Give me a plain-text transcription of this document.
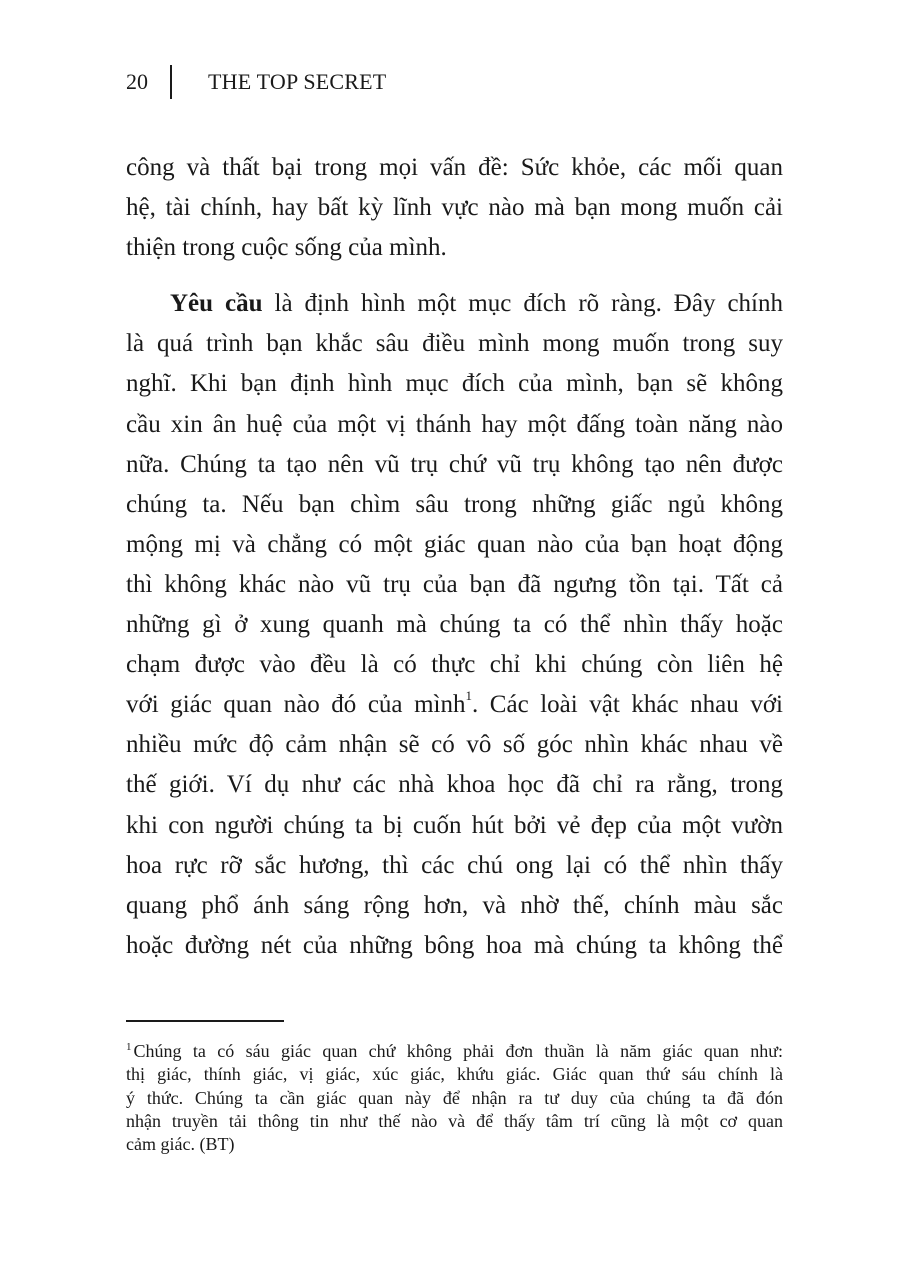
20	THE TOP SECRET
công và thất bại trong mọi vấn đề: Sức khỏe, các mối quan
hệ, tài chính, hay bất kỳ lĩnh vực nào mà bạn mong muốn cải
thiện trong cuộc sống của mình.
Yêu cầu là định hình một mục đích rõ ràng. Đây chính
là quá trình bạn khắc sâu điều mình mong muốn trong suy
nghĩ. Khi bạn định hình mục đích của mình, bạn sẽ không
cầu xin ân huệ của một vị thánh hay một đấng toàn năng nào
nữa. Chúng ta tạo nên vũ trụ chứ vũ trụ không tạo nên được
chúng ta. Nếu bạn chìm sâu trong những giấc ngủ không
mộng mị và chẳng có một giác quan nào của bạn hoạt động
thì không khác nào vũ trụ của bạn đã ngưng tồn tại. Tất cả
những gì ở xung quanh mà chúng ta có thể nhìn thấy hoặc
chạm được vào đều là có thực chỉ khi chúng còn liên hệ
với giác quan nào đó của mình$^1$. Các loài vật khác nhau với
nhiều mức độ cảm nhận sẽ có vô số góc nhìn khác nhau về
thế giới. Ví dụ như các nhà khoa học đã chỉ ra rằng, trong
khi con người chúng ta bị cuốn hút bởi vẻ đẹp của một vườn
hoa rực rỡ sắc hương, thì các chú ong lại có thể nhìn thấy
quang phổ ánh sáng rộng hơn, và nhờ thế, chính màu sắc
hoặc đường nét của những bông hoa mà chúng ta không thể
$^1$ Chúng ta có sáu giác quan chứ không phải đơn thuần là năm giác quan như:
thị giác, thính giác, vị giác, xúc giác, khứu giác. Giác quan thứ sáu chính là
ý thức. Chúng ta cần giác quan này để nhận ra tư duy của chúng ta đã đón
nhận truyền tải thông tin như thế nào và để thấy tâm trí cũng là một cơ quan
cảm giác. (BT)
